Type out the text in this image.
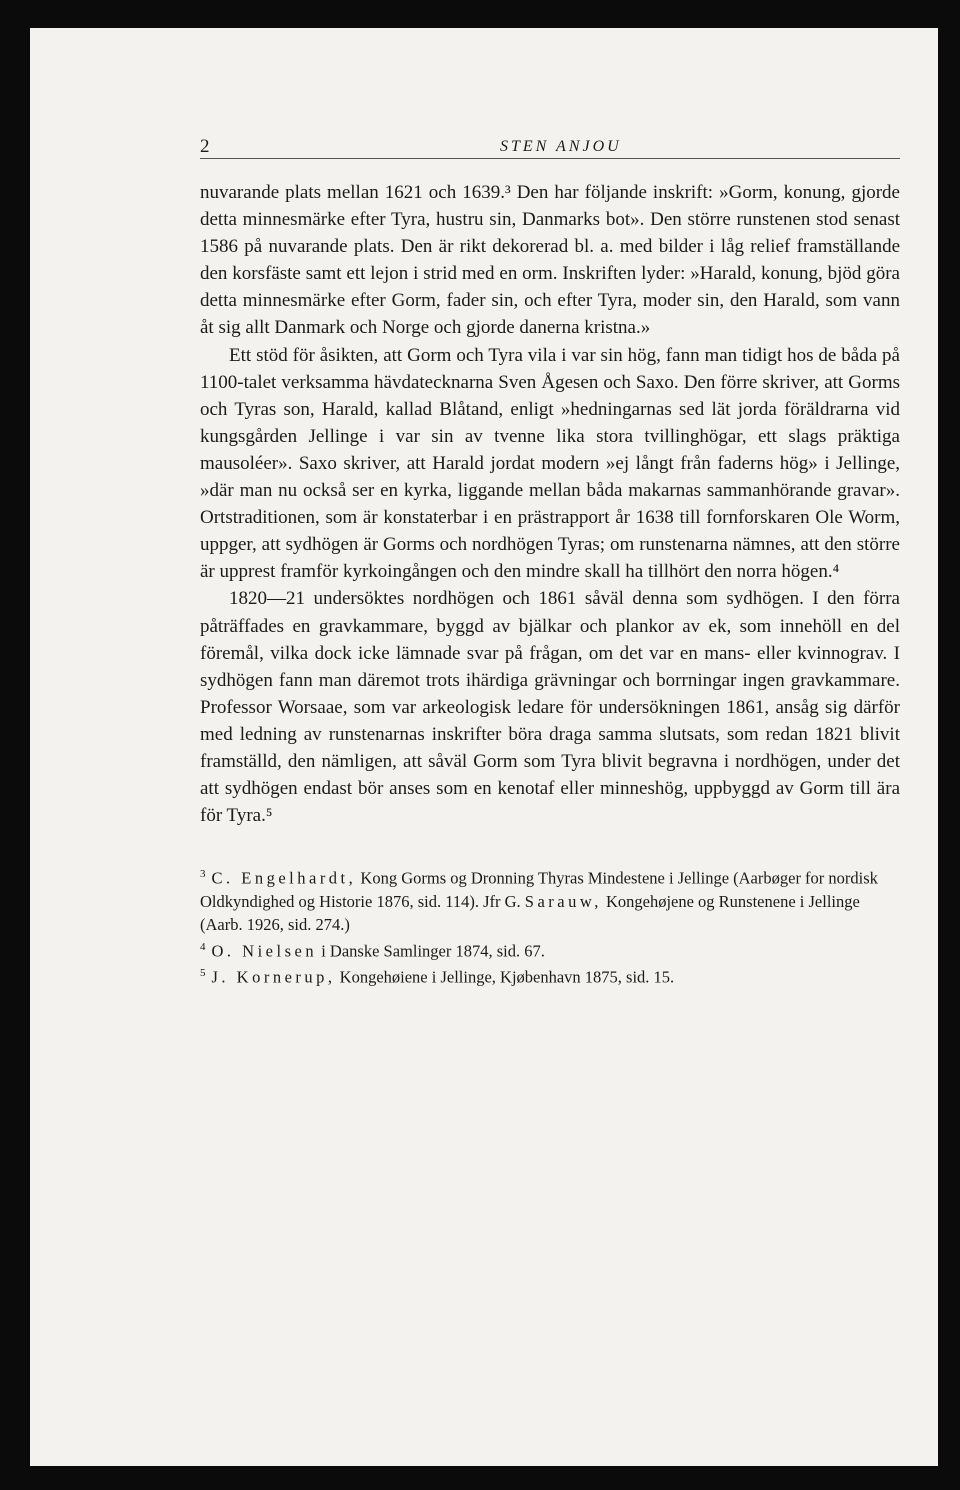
2	STEN ANJOU

nuvarande plats mellan 1621 och 1639.³ Den har följande inskrift: »Gorm, konung, gjorde detta minnesmärke efter Tyra, hustru sin, Danmarks bot». Den större runstenen stod senast 1586 på nuvarande plats. Den är rikt dekorerad bl. a. med bilder i låg relief framställande den korsfäste samt ett lejon i strid med en orm. Inskriften lyder: »Harald, konung, bjöd göra detta minnesmärke efter Gorm, fader sin, och efter Tyra, moder sin, den Harald, som vann åt sig allt Danmark och Norge och gjorde danerna kristna.»

Ett stöd för åsikten, att Gorm och Tyra vila i var sin hög, fann man tidigt hos de båda på 1100-talet verksamma hävdatecknarna Sven Ågesen och Saxo. Den förre skriver, att Gorms och Tyras son, Harald, kallad Blåtand, enligt »hedningarnas sed lät jorda föräldrarna vid kungsgården Jellinge i var sin av tvenne lika stora tvillinghögar, ett slags präktiga mausoléer». Saxo skriver, att Harald jordat modern »ej långt från faderns hög» i Jellinge, »där man nu också ser en kyrka, liggande mellan båda makarnas sammanhörande gravar». Ortstraditionen, som är konstaterbar i en prästrapport år 1638 till fornforskaren Ole Worm, uppger, att sydhögen är Gorms och nordhögen Tyras; om runstenarna nämnes, att den större är upprest framför kyrkoingången och den mindre skall ha tillhört den norra högen.⁴

1820—21 undersöktes nordhögen och 1861 såväl denna som sydhögen. I den förra påträffades en gravkammare, byggd av bjälkar och plankor av ek, som innehöll en del föremål, vilka dock icke lämnade svar på frågan, om det var en mans- eller kvinnograv. I sydhögen fann man däremot trots ihärdiga grävningar och borrningar ingen gravkammare. Professor Worsaae, som var arkeologisk ledare för undersökningen 1861, ansåg sig därför med ledning av runstenarnas inskrifter böra draga samma slutsats, som redan 1821 blivit framställd, den nämligen, att såväl Gorm som Tyra blivit begravna i nordhögen, under det att sydhögen endast bör anses som en kenotaf eller minneshög, uppbyggd av Gorm till ära för Tyra.⁵

$^3$ C. Engelhardt, Kong Gorms og Dronning Thyras Mindestene i Jellinge (Aarbøger for nordisk Oldkyndighed og Historie 1876, sid. 114). Jfr G. Sarauw, Kongehøjene og Runstenene i Jellinge (Aarb. 1926, sid. 274.)

$^4$ O. Nielsen i Danske Samlinger 1874, sid. 67.

$^5$ J. Kornerup, Kongehøiene i Jellinge, Kjøbenhavn 1875, sid. 15.
